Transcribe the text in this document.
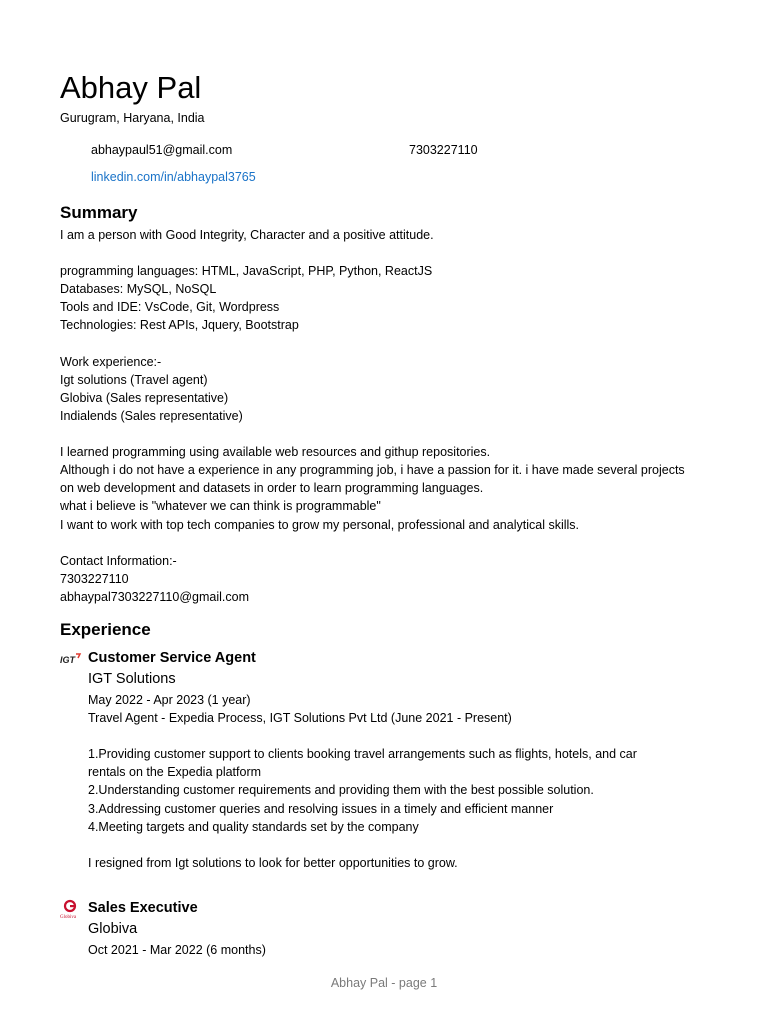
Abhay Pal
Gurugram, Haryana, India
abhaypaul51@gmail.com	7303227110
linkedin.com/in/abhaypal3765
Summary
I am a person with Good Integrity, Character and a positive attitude.
programming languages: HTML, JavaScript, PHP, Python, ReactJS
Databases: MySQL, NoSQL
Tools and IDE: VsCode, Git, Wordpress
Technologies: Rest APIs, Jquery, Bootstrap
Work experience:-
Igt solutions (Travel agent)
Globiva (Sales representative)
Indialends (Sales representative)
I learned programming using available web resources and githup repositories.
Although i do not have a experience in any programming job, i have a passion for it. i have made several projects
on web development and datasets in order to learn programming languages.
what i believe is "whatever we can think is programmable"
I want to work with top tech companies to grow my personal, professional and analytical skills.
Contact Information:-
7303227110
abhaypal7303227110@gmail.com
Experience
IGT Customer Service Agent
IGT Solutions
May 2022 - Apr 2023 (1 year)
Travel Agent - Expedia Process, IGT Solutions Pvt Ltd (June 2021 - Present)
1.Providing customer support to clients booking travel arrangements such as flights, hotels, and car
rentals on the Expedia platform
2.Understanding customer requirements and providing them with the best possible solution.
3.Addressing customer queries and resolving issues in a timely and efficient manner
4.Meeting targets and quality standards set by the company
I resigned from Igt solutions to look for better opportunities to grow.
Globiva
Sales Executive
Globiva
Oct 2021 - Mar 2022 (6 months)
Abhay Pal - page 1
